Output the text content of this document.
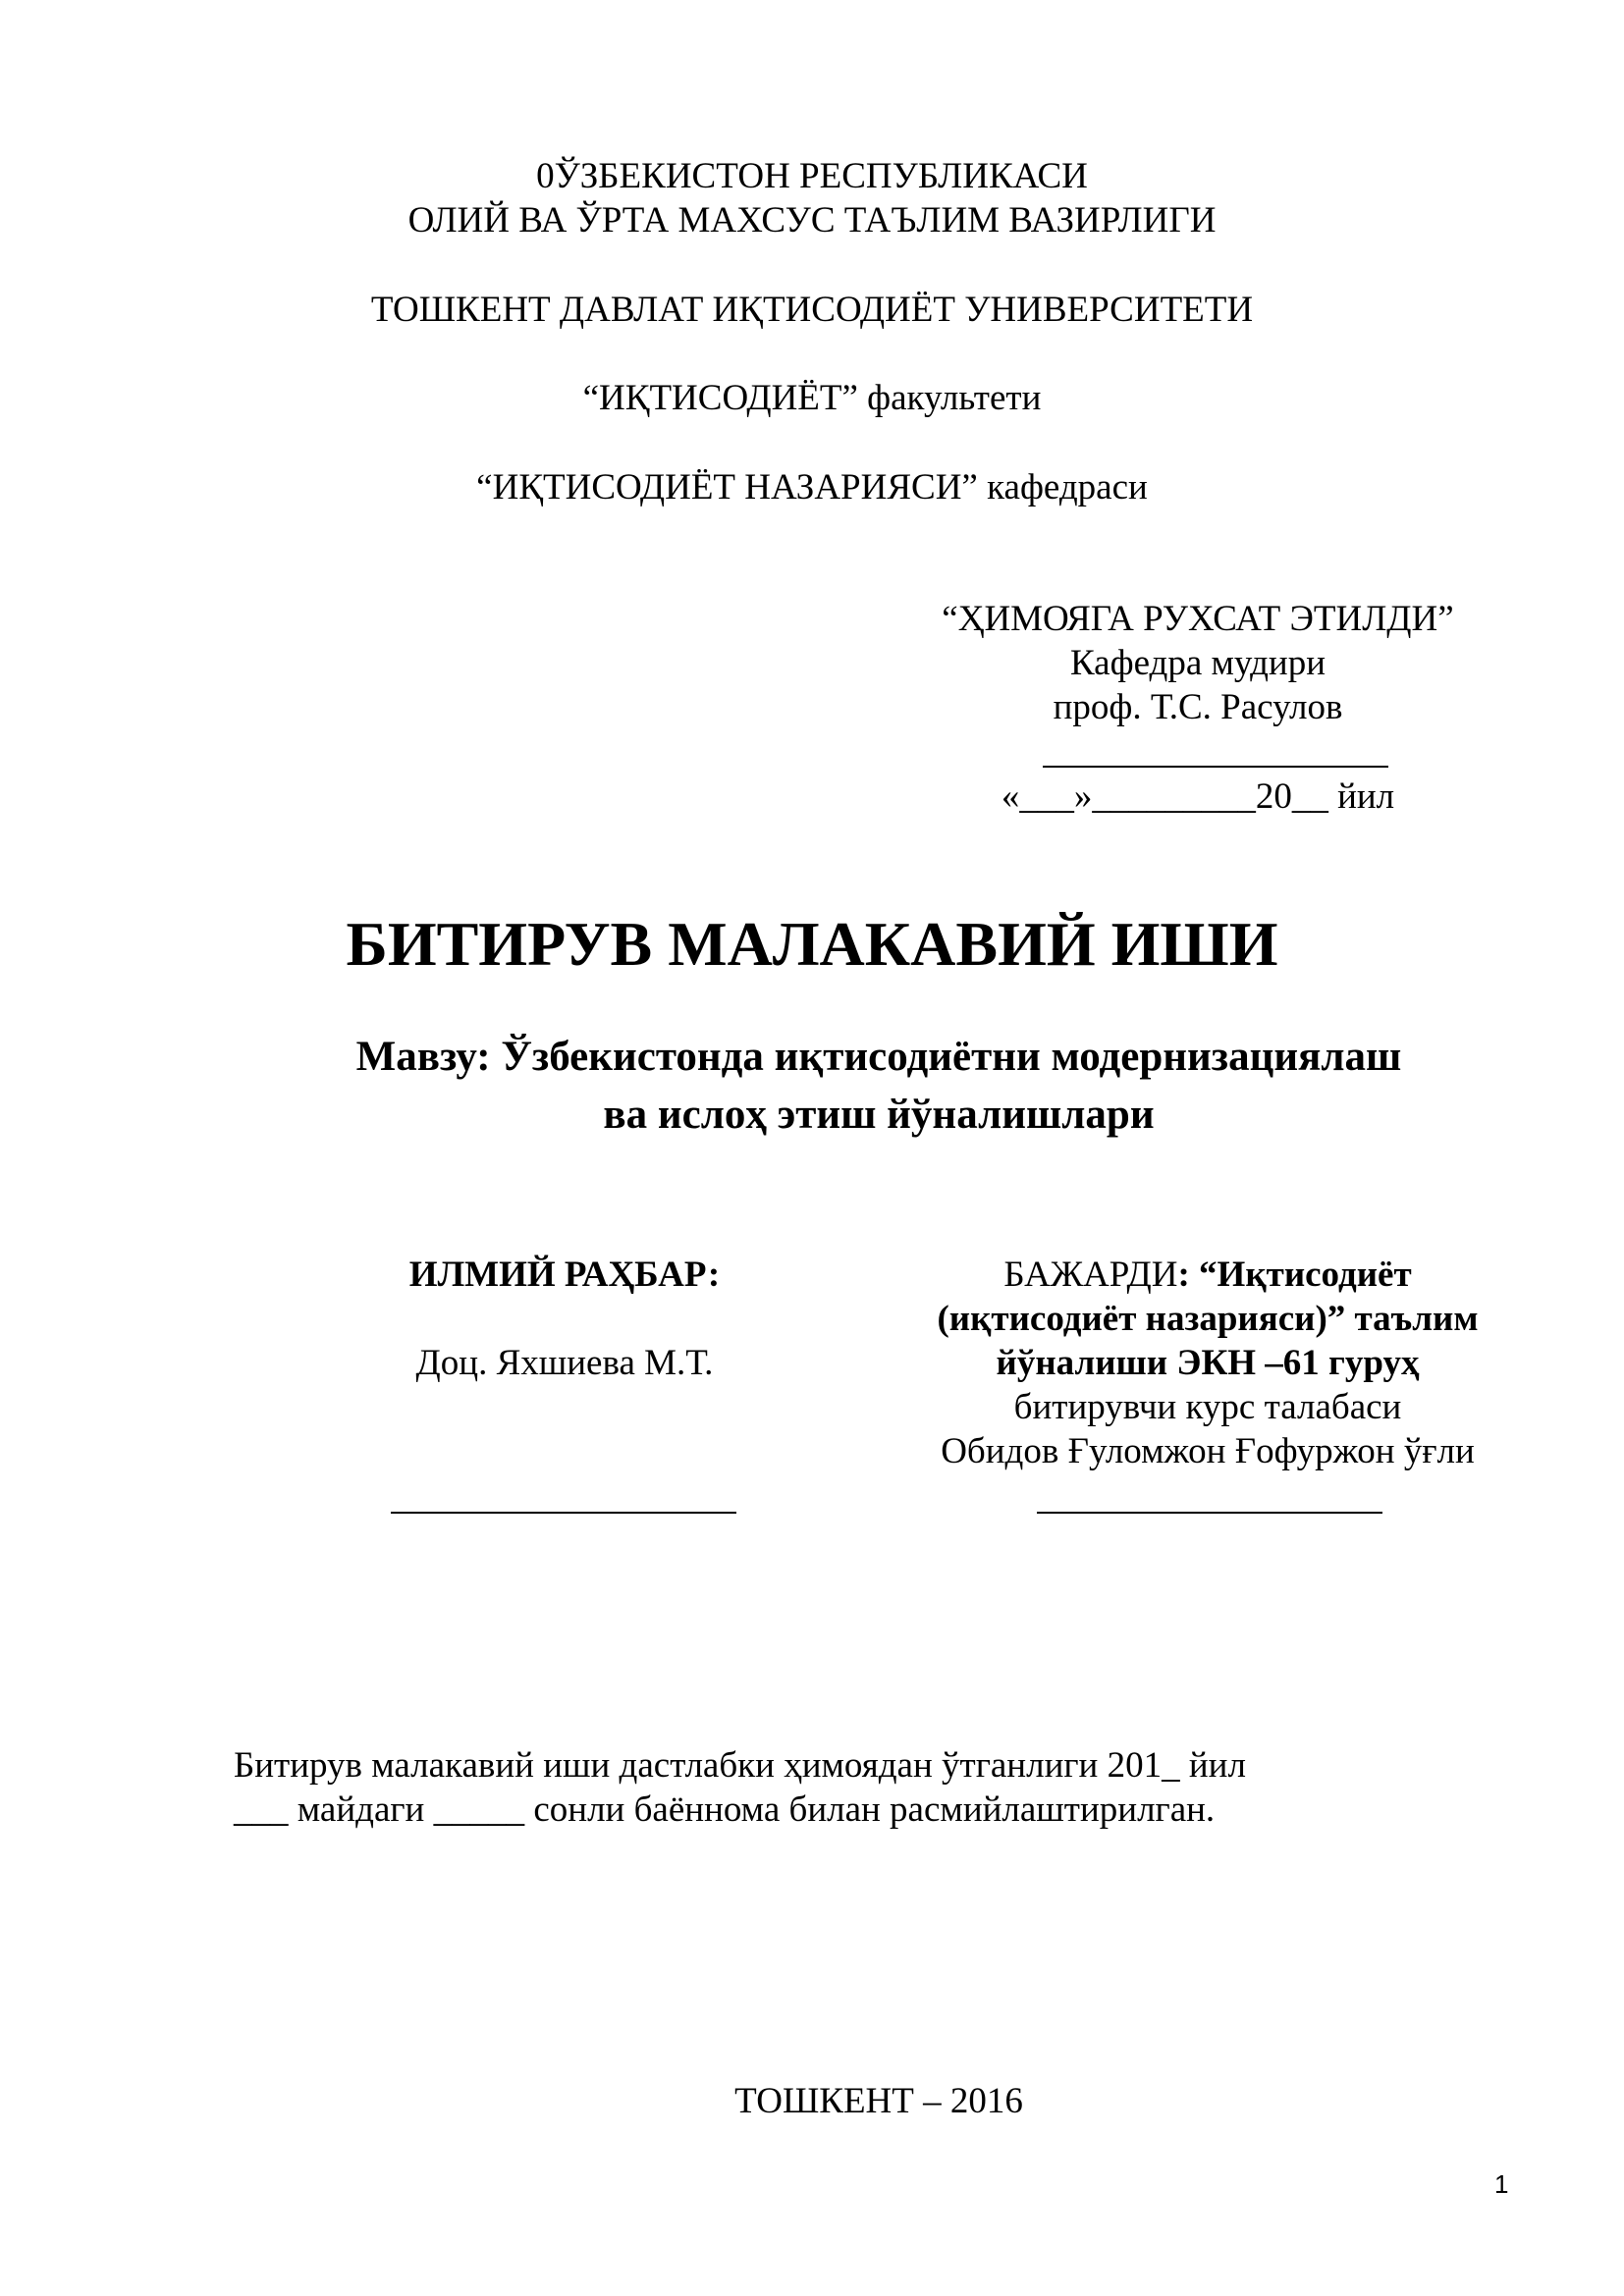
0ЎЗБЕКИСТОН РЕСПУБЛИКАСИ
ОЛИЙ ВА ЎРТА МАХСУС ТАЪЛИМ ВАЗИРЛИГИ
ТОШКЕНТ ДАВЛАТ ИҚТИСОДИЁТ УНИВЕРСИТЕТИ
“ИҚТИСОДИЁТ” факультети
“ИҚТИСОДИЁТ НАЗАРИЯСИ” кафедраси
“ҲИМОЯГА РУХСАТ ЭТИЛДИ”
Кафедра мудири
проф. Т.С. Расулов
«___»_________20__ йил
БИТИРУВ МАЛАКАВИЙ ИШИ
Мавзу: Ўзбекистонда иқтисодиётни модернизациялаш
ва ислоҳ этиш йўналишлари
ИЛМИЙ РАҲБАР:
Доц. Яхшиева М.Т.
БАЖАРДИ: “Иқтисодиёт
(иқтисодиёт назарияси)” таълим
йўналиши ЭКН –61 гуруҳ
битирувчи курс талабаси
Обидов Ғуломжон Ғофуржон ўғли
Битирув малакавий иши дастлабки ҳимоядан ўтганлиги 201_ йил
___ майдаги _____ сонли баённома билан расмийлаштирилган.
ТОШКЕНТ – 2016
1
